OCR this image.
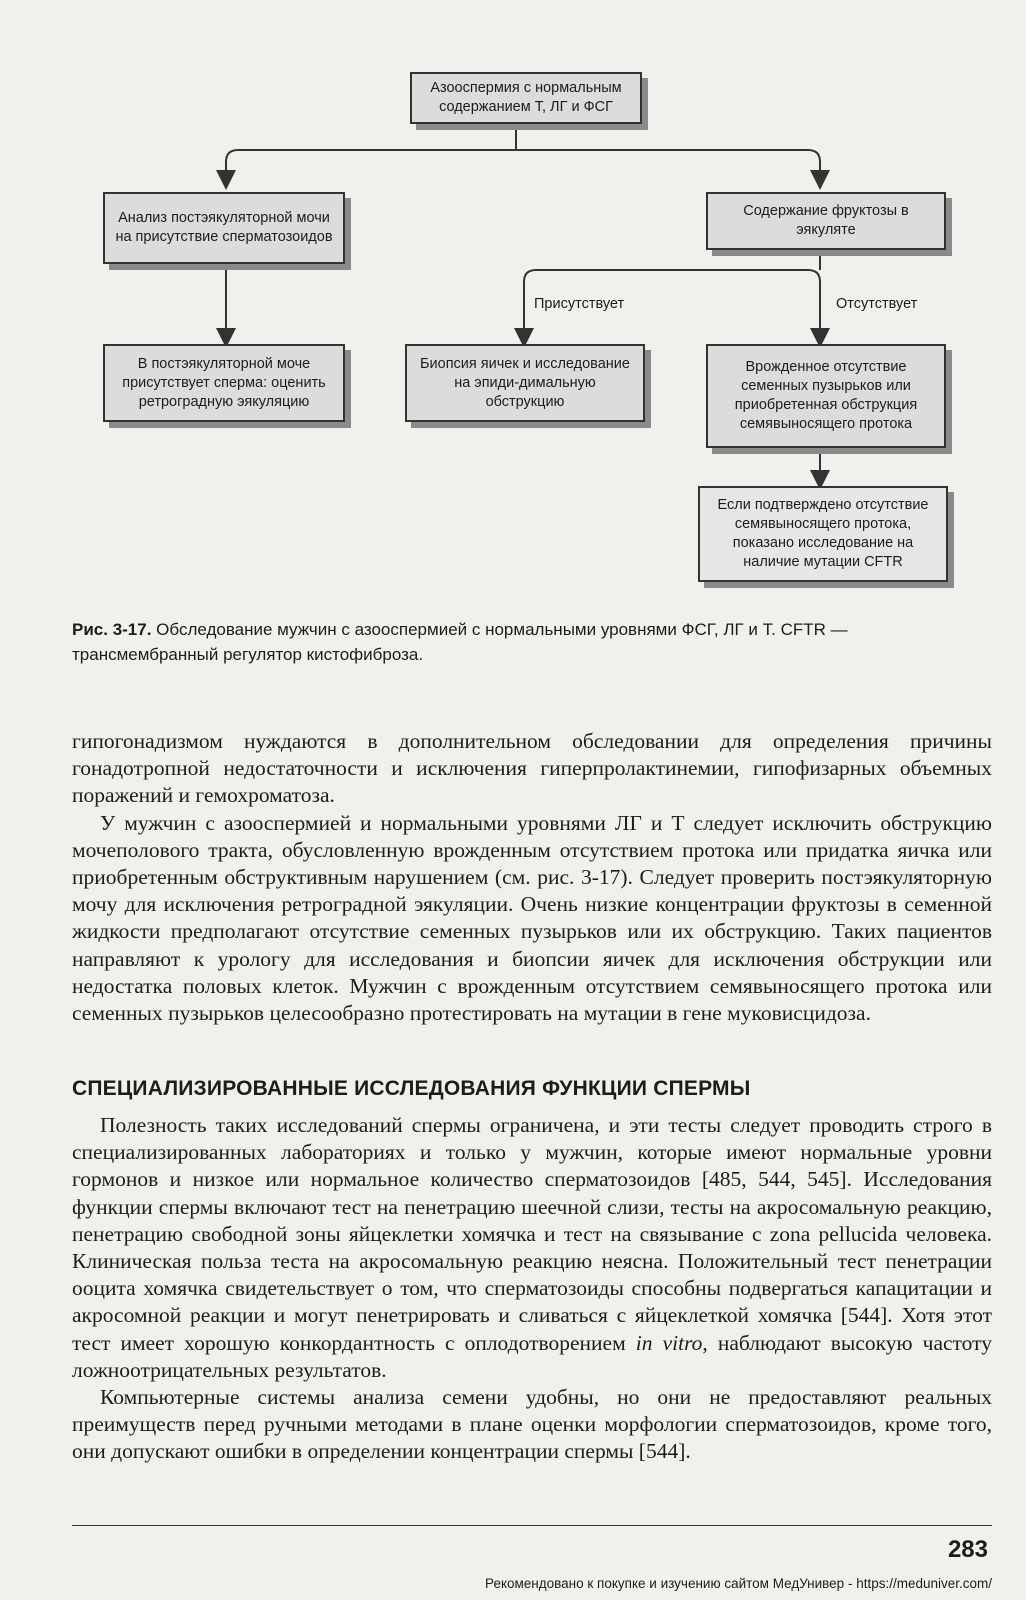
Азооспермия с нормальным содержанием Т, ЛГ и ФСГ
Анализ постэякуляторной мочи на присутствие сперматозоидов
Содержание фруктозы в эякуляте
Присутствует	Отсутствует
В постэякуляторной моче присутствует сперма: оценить ретроградную эякуляцию
Биопсия яичек и исследование на эпиди-димальную обструкцию
Врожденное отсутствие семенных пузырьков или приобретенная обструкция семявыносящего протока
Если подтверждено отсутствие семявыносящего протока, показано исследование на наличие мутации CFTR
Рис. 3-17. Обследование мужчин с азооспермией с нормальными уровнями ФСГ, ЛГ и Т. CFTR — трансмембранный регулятор кистофиброза.

гипогонадизмом нуждаются в дополнительном обследовании для определения причины гонадотропной недостаточности и исключения гиперпролактинемии, гипофизарных объемных поражений и гемохроматоза.

У мужчин с азооспермией и нормальными уровнями ЛГ и Т следует исключить обструкцию мочеполового тракта, обусловленную врожденным отсутствием протока или придатка яичка или приобретенным обструктивным нарушением (см. рис. 3-17). Следует проверить постэякуляторную мочу для исключения ретроградной эякуляции. Очень низкие концентрации фруктозы в семенной жидкости предполагают отсутствие семенных пузырьков или их обструкцию. Таких пациентов направляют к урологу для исследования и биопсии яичек для исключения обструкции или недостатка половых клеток. Мужчин с врожденным отсутствием семявыносящего протока или семенных пузырьков целесообразно протестировать на мутации в гене муковисцидоза.

СПЕЦИАЛИЗИРОВАННЫЕ ИССЛЕДОВАНИЯ ФУНКЦИИ СПЕРМЫ

Полезность таких исследований спермы ограничена, и эти тесты следует проводить строго в специализированных лабораториях и только у мужчин, которые имеют нормальные уровни гормонов и низкое или нормальное количество сперматозоидов [485, 544, 545]. Исследования функции спермы включают тест на пенетрацию шеечной слизи, тесты на акросомальную реакцию, пенетрацию свободной зоны яйцеклетки хомячка и тест на связывание с zona pellucida человека. Клиническая польза теста на акросомальную реакцию неясна. Положительный тест пенетрации ооцита хомячка свидетельствует о том, что сперматозоиды способны подвергаться капацитации и акросомной реакции и могут пенетрировать и сливаться с яйцеклеткой хомячка [544]. Хотя этот тест имеет хорошую конкордантность с оплодотворением in vitro, наблюдают высокую частоту ложноотрицательных результатов.

Компьютерные системы анализа семени удобны, но они не предоставляют реальных преимуществ перед ручными методами в плане оценки морфологии сперматозоидов, кроме того, они допускают ошибки в определении концентрации спермы [544].

283
Рекомендовано к покупке и изучению сайтом МедУнивер - https://meduniver.com/
